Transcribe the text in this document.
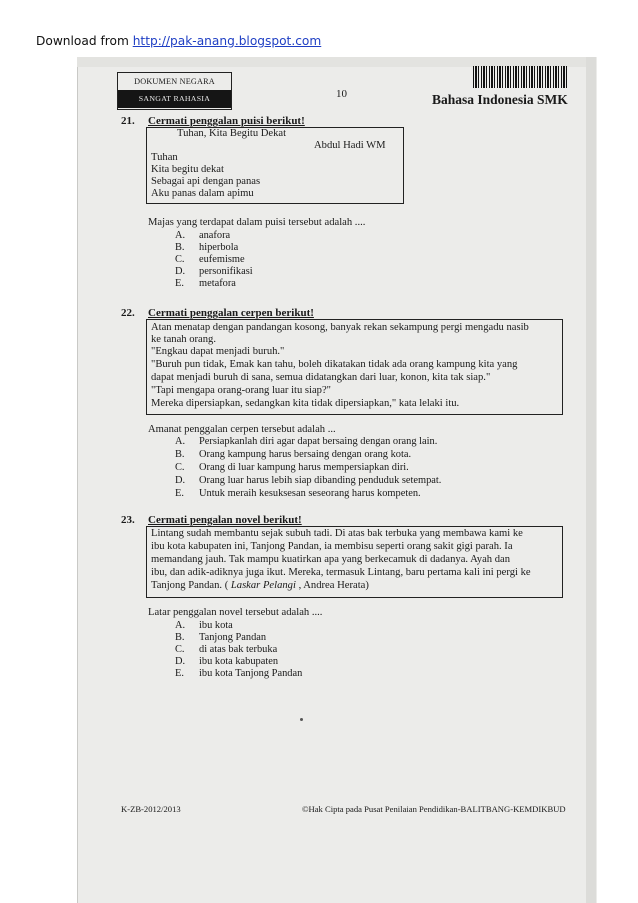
Download from http://pak-anang.blogspot.com
DOKUMEN NEGARA
SANGAT RAHASIA	10	Bahasa Indonesia SMK
21. Cermati penggalan puisi berikut!
Tuhan, Kita Begitu Dekat
Abdul Hadi WM
Tuhan
Kita begitu dekat
Sebagai api dengan panas
Aku panas dalam apimu
Majas yang terdapat dalam puisi tersebut adalah ....
A. anafora
B. hiperbola
C. eufemisme
D. personifikasi
E. metafora
22. Cermati penggalan cerpen berikut!
Atan menatap dengan pandangan kosong, banyak rekan sekampung pergi mengadu nasib
ke tanah orang.
"Engkau dapat menjadi buruh."
"Buruh pun tidak, Emak kan tahu, boleh dikatakan tidak ada orang kampung kita yang
dapat menjadi buruh di sana, semua didatangkan dari luar, konon, kita tak siap."
"Tapi mengapa orang-orang luar itu siap?"
Mereka dipersiapkan, sedangkan kita tidak dipersiapkan," kata lelaki itu.
Amanat penggalan cerpen tersebut adalah ...
A. Persiapkanlah diri agar dapat bersaing dengan orang lain.
B. Orang kampung harus bersaing dengan orang kota.
C. Orang di luar kampung harus mempersiapkan diri.
D. Orang luar harus lebih siap dibanding penduduk setempat.
E. Untuk meraih kesuksesan seseorang harus kompeten.
23. Cermati pengalan novel berikut!
Lintang sudah membantu sejak subuh tadi. Di atas bak terbuka yang membawa kami ke
ibu kota kabupaten ini, Tanjong Pandan, ia membisu seperti orang sakit gigi parah. Ia
memandang jauh. Tak mampu kuatirkan apa yang berkecamuk di dadanya. Ayah dan
ibu, dan adik-adiknya juga ikut. Mereka, termasuk Lintang, baru pertama kali ini pergi ke
Tanjong Pandan. ( Laskar Pelangi , Andrea Herata)
Latar penggalan novel tersebut adalah ....
A. ibu kota
B. Tanjong Pandan
C. di atas bak terbuka
D. ibu kota kabupaten
E. ibu kota Tanjong Pandan
K-ZB-2012/2013	©Hak Cipta pada Pusat Penilaian Pendidikan-BALITBANG-KEMDIKBUD
